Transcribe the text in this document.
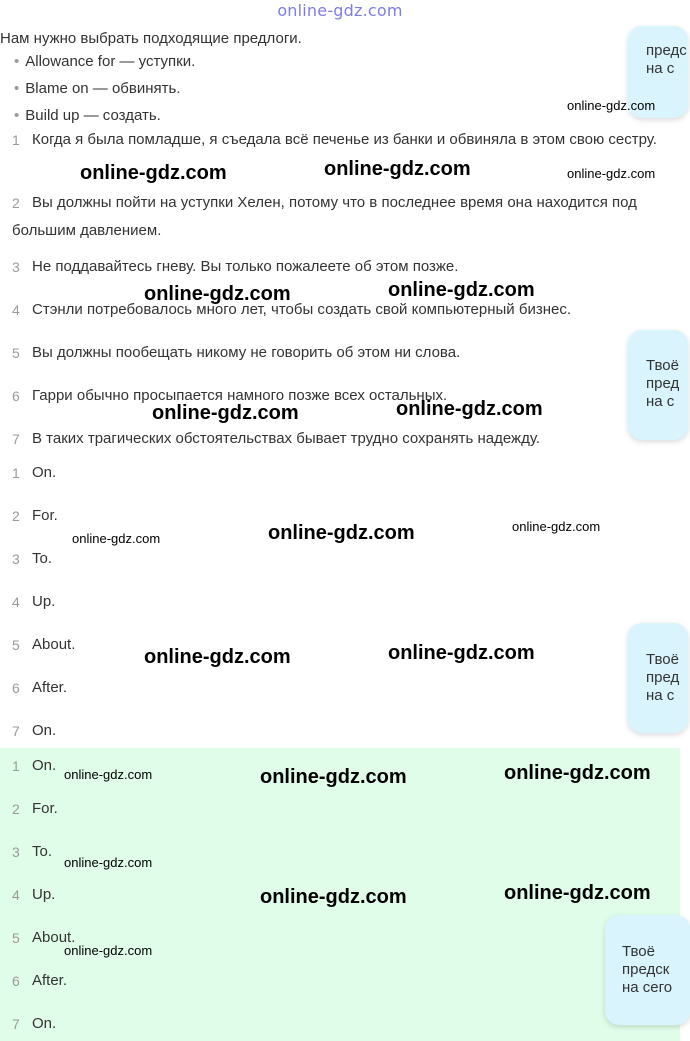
online-gdz.com
Нам нужно выбрать подходящие предлоги.
• Allowance for — уступки.
• Blame on — обвинять.
• Build up — создать.
1 Когда я была помладше, я съедала всё печенье из банки и обвиняла в этом свою сестру.
2 Вы должны пойти на уступки Хелен, потому что в последнее время она находится под большим давлением.
3 Не поддавайтесь гневу. Вы только пожалеете об этом позже.
4 Стэнли потребовалось много лет, чтобы создать свой компьютерный бизнес.
5 Вы должны пообещать никому не говорить об этом ни слова.
6 Гарри обычно просыпается намного позже всех остальных.
7 В таких трагических обстоятельствах бывает трудно сохранять надежду.
1 On.
2 For.
3 To.
4 Up.
5 About.
6 After.
7 On.
1 On.
2 For.
3 To.
4 Up.
5 About.
6 After.
7 On.
предс
на с
Твоё
пред
на с
Твоё
пред
на с
Твоё
предск
на сего
online-gdz.com
online-gdz.com	online-gdz.com	online-gdz.com
online-gdz.com	online-gdz.com
online-gdz.com	online-gdz.com
online-gdz.com	online-gdz.com	online-gdz.com
online-gdz.com	online-gdz.com
online-gdz.com	online-gdz.com	online-gdz.com
online-gdz.com
online-gdz.com	online-gdz.com
online-gdz.com
